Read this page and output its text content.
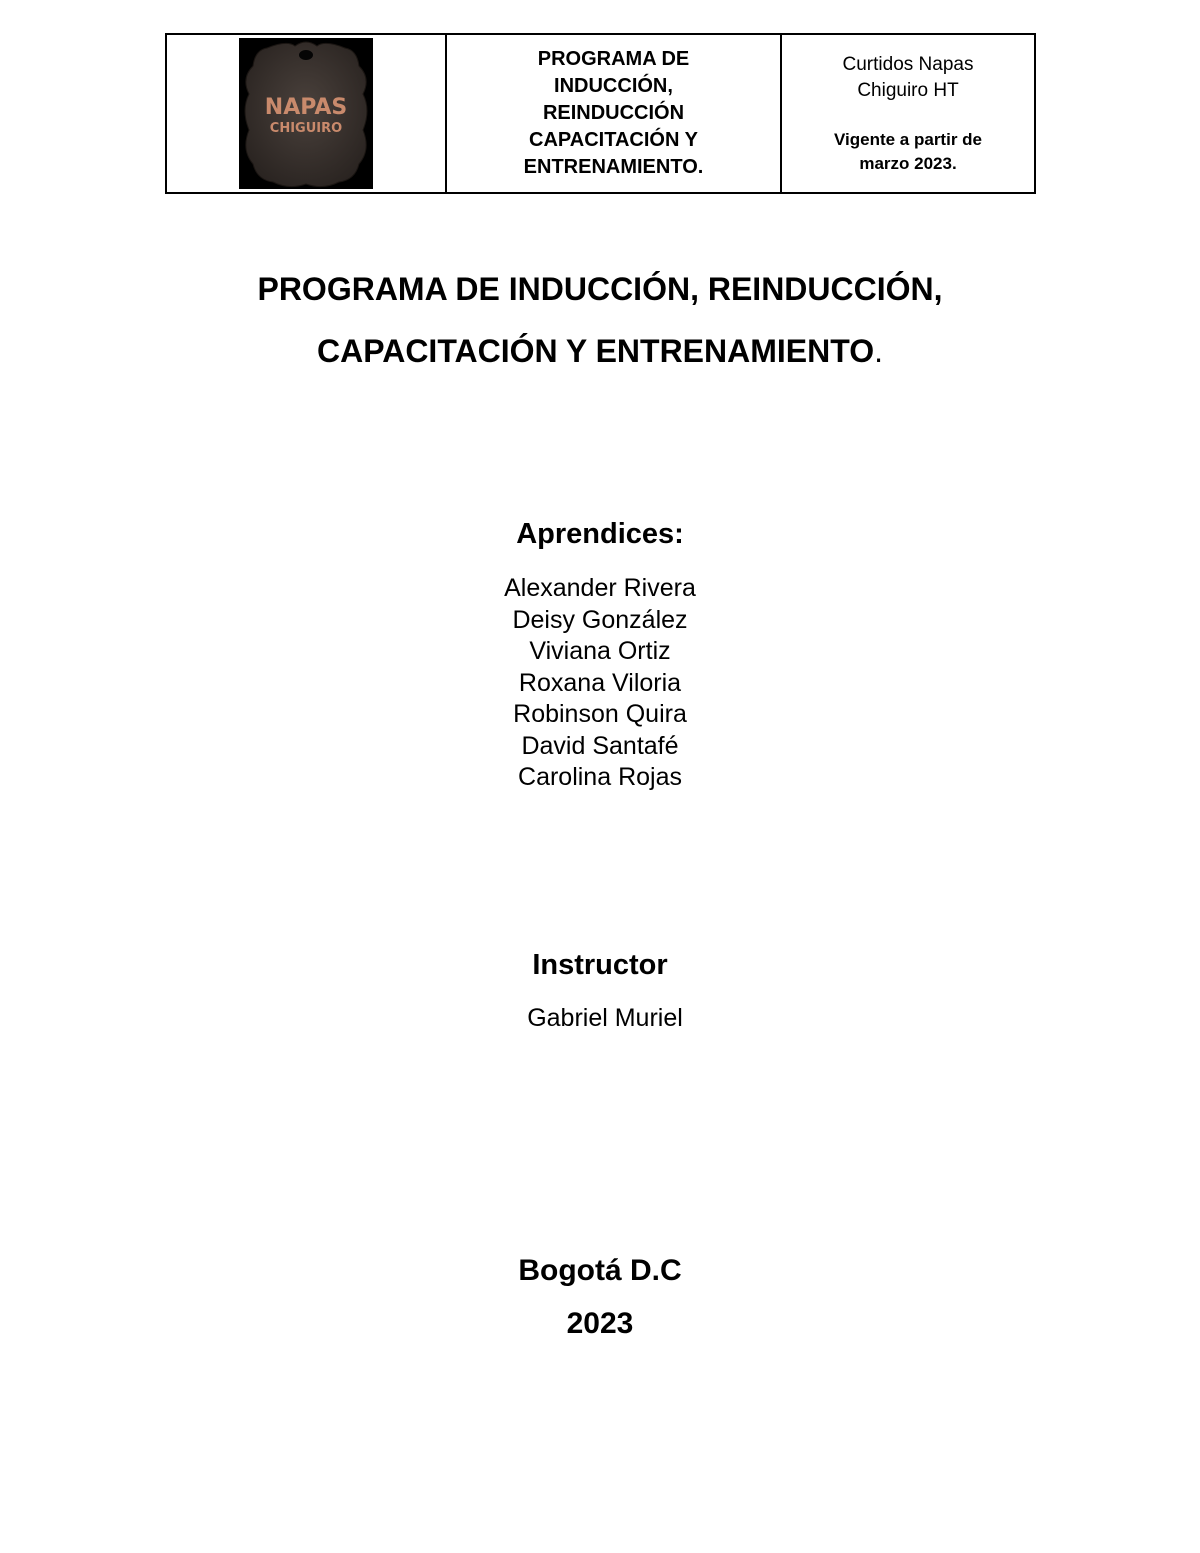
NAPAS
CHIGUIRO

PROGRAMA DE
INDUCCIÓN,
REINDUCCIÓN
CAPACITACIÓN Y
ENTRENAMIENTO.

Curtidos Napas
Chiguiro HT
Vigente a partir de
marzo 2023.
PROGRAMA DE INDUCCIÓN, REINDUCCIÓN,
CAPACITACIÓN Y ENTRENAMIENTO.
Aprendices:
Alexander Rivera
Deisy González
Viviana Ortiz
Roxana Viloria
Robinson Quira
David Santafé
Carolina Rojas
Instructor
Gabriel Muriel
Bogotá D.C
2023
